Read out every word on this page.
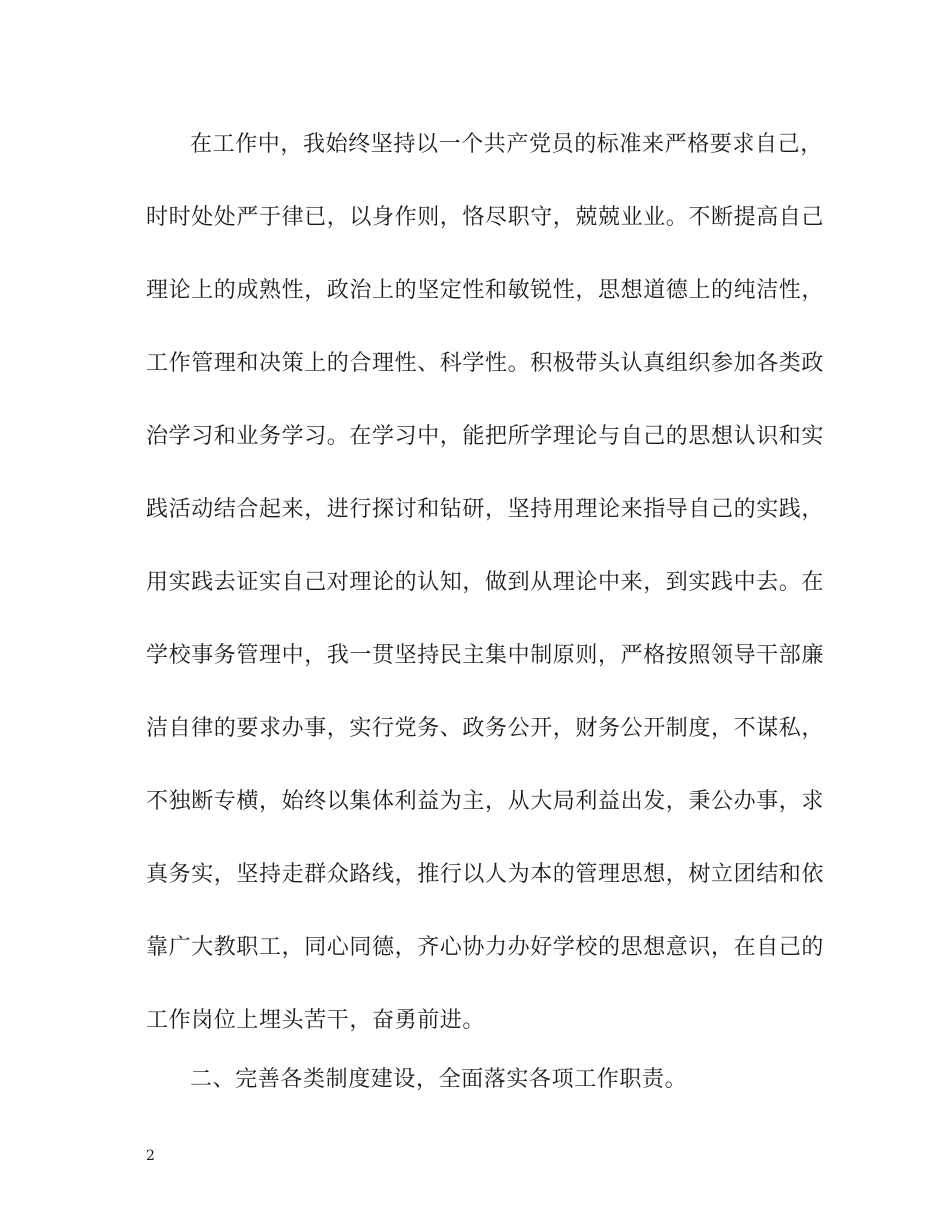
在工作中，我始终坚持以一个共产党员的标准来严格要求自己，
时时处处严于律已，以身作则，恪尽职守，兢兢业业。不断提高自己
理论上的成熟性，政治上的坚定性和敏锐性，思想道德上的纯洁性，
工作管理和决策上的合理性、科学性。积极带头认真组织参加各类政
治学习和业务学习。在学习中，能把所学理论与自己的思想认识和实
践活动结合起来，进行探讨和钻研，坚持用理论来指导自己的实践，
用实践去证实自己对理论的认知，做到从理论中来，到实践中去。在
学校事务管理中，我一贯坚持民主集中制原则，严格按照领导干部廉
洁自律的要求办事，实行党务、政务公开，财务公开制度，不谋私，
不独断专横，始终以集体利益为主，从大局利益出发，秉公办事，求
真务实，坚持走群众路线，推行以人为本的管理思想，树立团结和依
靠广大教职工，同心同德，齐心协力办好学校的思想意识，在自己的
工作岗位上埋头苦干，奋勇前进。
二、完善各类制度建设，全面落实各项工作职责。
2
